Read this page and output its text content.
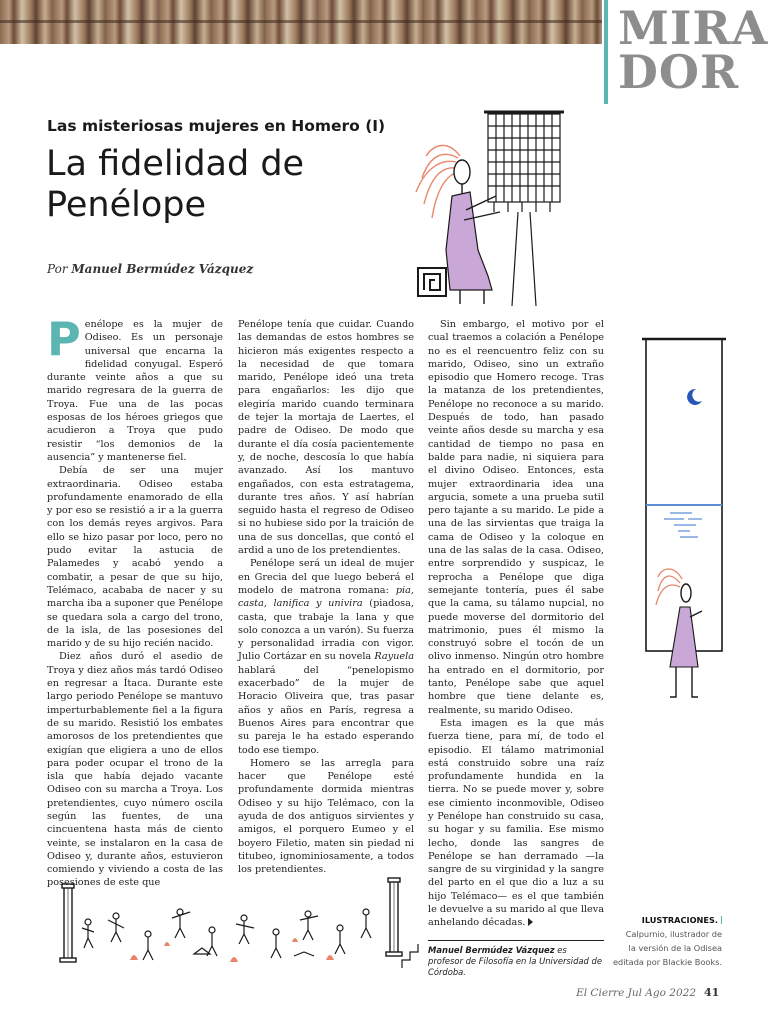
MIRA
DOR

Las misteriosas mujeres en Homero (I)

La fidelidad de
Penélope

Por Manuel Bermúdez Vázquez

Penélope es la mujer de Odiseo. Es un personaje universal que encarna la fidelidad conyugal. Esperó durante veinte años a que su marido regresara de la guerra de Troya. Fue una de las pocas esposas de los héroes griegos que acudieron a Troya que pudo resistir “los demonios de la ausencia” y mantenerse fiel.

Debía de ser una mujer extraordinaria. Odiseo estaba profundamente enamorado de ella y por eso se resistió a ir a la guerra con los demás reyes argivos. Para ello se hizo pasar por loco, pero no pudo evitar la astucia de Palamedes y acabó yendo a combatir, a pesar de que su hijo, Telémaco, acababa de nacer y su marcha iba a suponer que Penélope se quedara sola a cargo del trono, de la isla, de las posesiones del marido y de su hijo recién nacido.

Diez años duró el asedio de Troya y diez años más tardó Odiseo en regresar a Ítaca. Durante este largo periodo Penélope se mantuvo imperturbablemente fiel a la figura de su marido. Resistió los embates amorosos de los pretendientes que exigían que eligiera a uno de ellos para poder ocupar el trono de la isla que había dejado vacante Odiseo con su marcha a Troya. Los pretendientes, cuyo número oscila según las fuentes, de una cincuentena hasta más de ciento veinte, se instalaron en la casa de Odiseo y, durante años, estuvieron comiendo y viviendo a costa de las posesiones de este que

Penélope tenía que cuidar. Cuando las demandas de estos hombres se hicieron más exigentes respecto a la necesidad de que tomara marido, Penélope ideó una treta para engañarlos: les dijo que elegiría marido cuando terminara de tejer la mortaja de Laertes, el padre de Odiseo. De modo que durante el día cosía pacientemente y, de noche, descosía lo que había avanzado. Así los mantuvo engañados, con esta estratagema, durante tres años. Y así habrían seguido hasta el regreso de Odiseo si no hubiese sido por la traición de una de sus doncellas, que contó el ardid a uno de los pretendientes.

Penélope será un ideal de mujer en Grecia del que luego beberá el modelo de matrona romana: pia, casta, lanifica y univira (piadosa, casta, que trabaje la lana y que solo conozca a un varón). Su fuerza y personalidad irradia con vigor. Julio Cortázar en su novela Rayuela hablará del “penelopismo exacerbado” de la mujer de Horacio Oliveira que, tras pasar años y años en París, regresa a Buenos Aires para encontrar que su pareja le ha estado esperando todo ese tiempo.

Homero se las arregla para hacer que Penélope esté profundamente dormida mientras Odiseo y su hijo Telémaco, con la ayuda de dos antiguos sirvientes y amigos, el porquero Eumeo y el boyero Filetio, maten sin piedad ni titubeo, ignominiosamente, a todos los pretendientes.

Sin embargo, el motivo por el cual traemos a colación a Penélope no es el reencuentro feliz con su marido, Odiseo, sino un extraño episodio que Homero recoge. Tras la matanza de los pretendientes, Penélope no reconoce a su marido. Después de todo, han pasado veinte años desde su marcha y esa cantidad de tiempo no pasa en balde para nadie, ni siquiera para el divino Odiseo. Entonces, esta mujer extraordinaria idea una argucia, somete a una prueba sutil pero tajante a su marido. Le pide a una de las sirvientas que traiga la cama de Odiseo y la coloque en una de las salas de la casa. Odiseo, entre sorprendido y suspicaz, le reprocha a Penélope que diga semejante tontería, pues él sabe que la cama, su tálamo nupcial, no puede moverse del dormitorio del matrimonio, pues él mismo la construyó sobre el tocón de un olivo inmenso. Ningún otro hombre ha entrado en el dormitorio, por tanto, Penélope sabe que aquel hombre que tiene delante es, realmente, su marido Odiseo.

Esta imagen es la que más fuerza tiene, para mí, de todo el episodio. El tálamo matrimonial está construido sobre una raíz profundamente hundida en la tierra. No se puede mover y, sobre ese cimiento inconmovible, Odiseo y Penélope han construido su casa, su hogar y su familia. Ese mismo lecho, donde las sangres de Penélope se han derramado —la sangre de su virginidad y la sangre del parto en el que dio a luz a su hijo Telémaco— es el que también le devuelve a su marido al que lleva anhelando décadas.

Manuel Bermúdez Vázquez es profesor de Filosofía en la Universidad de Córdoba.

ILUSTRACIONES.
Calpurnio, ilustrador de
la versión de la Odisea
editada por Blackie Books.

El Cierre Jul Ago 2022 41
